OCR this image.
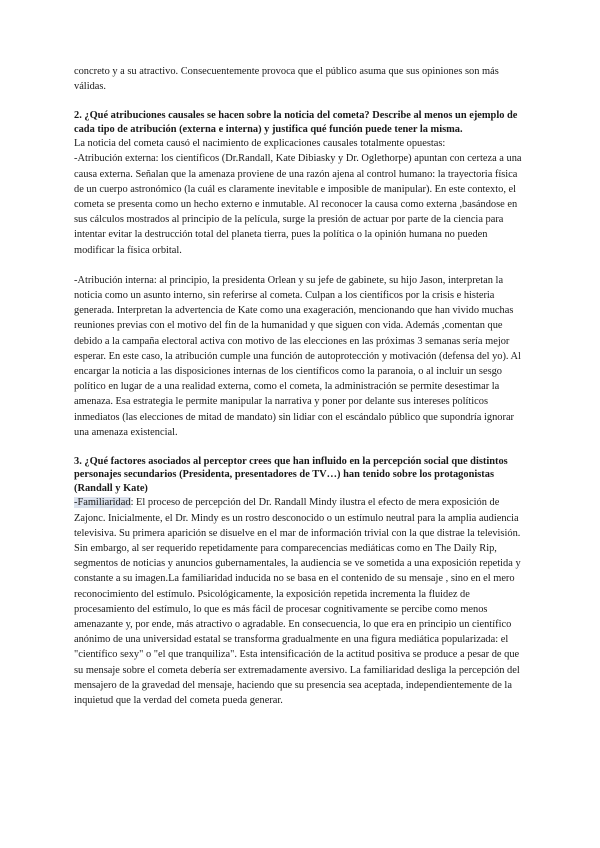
concreto y a su atractivo. Consecuentemente provoca que el público asuma que sus opiniones son más válidas.

2. ¿Qué atribuciones causales se hacen sobre la noticia del cometa? Describe al menos un ejemplo de cada tipo de atribución (externa e interna) y justifica qué función puede tener la misma.

La noticia del cometa causó el nacimiento de explicaciones causales totalmente opuestas:

-Atribución externa: los científicos (Dr.Randall, Kate Dibiasky y Dr. Oglethorpe) apuntan con certeza a una causa externa. Señalan que la amenaza proviene de una razón ajena al control humano: la trayectoria física de un cuerpo astronómico (la cuál es claramente inevitable e imposible de manipular). En este contexto, el cometa se presenta como un hecho externo e inmutable. Al reconocer la causa como externa ,basándose en sus cálculos mostrados al principio de la película, surge la presión de actuar por parte de la ciencia para intentar evitar la destrucción total del planeta tierra, pues la política o la opinión humana no pueden modificar la física orbital.

-Atribución interna: al principio, la presidenta Orlean y su jefe de gabinete, su hijo Jason, interpretan la noticia como un asunto interno, sin referirse al cometa. Culpan a los científicos por la crisis e histeria generada. Interpretan la advertencia de Kate como una exageración, mencionando que han vivido muchas reuniones previas con el motivo del fin de la humanidad y que siguen con vida. Además ,comentan que debido a la campaña electoral activa con motivo de las elecciones en las próximas 3 semanas sería mejor esperar. En este caso, la atribución cumple una función de autoprotección y motivación (defensa del yo). Al encargar la noticia a las disposiciones internas de los científicos como la paranoia, o al incluir un sesgo político en lugar de a una realidad externa, como el cometa, la administración se permite desestimar la amenaza. Esa estrategia le permite manipular la narrativa y poner por delante sus intereses políticos inmediatos (las elecciones de mitad de mandato) sin lidiar con el escándalo público que supondría ignorar una amenaza existencial.

3. ¿Qué factores asociados al perceptor crees que han influido en la percepción social que distintos personajes secundarios (Presidenta, presentadores de TV…) han tenido sobre los protagonistas (Randall y Kate)

-Familiaridad: El proceso de percepción del Dr. Randall Mindy ilustra el efecto de mera exposición de Zajonc. Inicialmente, el Dr. Mindy es un rostro desconocido o un estímulo neutral para la amplia audiencia televisiva. Su primera aparición se disuelve en el mar de información trivial con la que distrae la televisión. Sin embargo, al ser requerido repetidamente para comparecencias mediáticas como en The Daily Rip, segmentos de noticias y anuncios gubernamentales, la audiencia se ve sometida a una exposición repetida y constante a su imagen.La familiaridad inducida no se basa en el contenido de su mensaje , sino en el mero reconocimiento del estímulo. Psicológicamente, la exposición repetida incrementa la fluidez de procesamiento del estímulo, lo que es más fácil de procesar cognitivamente se percibe como menos amenazante y, por ende, más atractivo o agradable. En consecuencia, lo que era en principio un científico anónimo de una universidad estatal se transforma gradualmente en una figura mediática popularizada: el "científico sexy" o "el que tranquiliza". Esta intensificación de la actitud positiva se produce a pesar de que su mensaje sobre el cometa debería ser extremadamente aversivo. La familiaridad desliga la percepción del mensajero de la gravedad del mensaje, haciendo que su presencia sea aceptada, independientemente de la inquietud que la verdad del cometa pueda generar.
